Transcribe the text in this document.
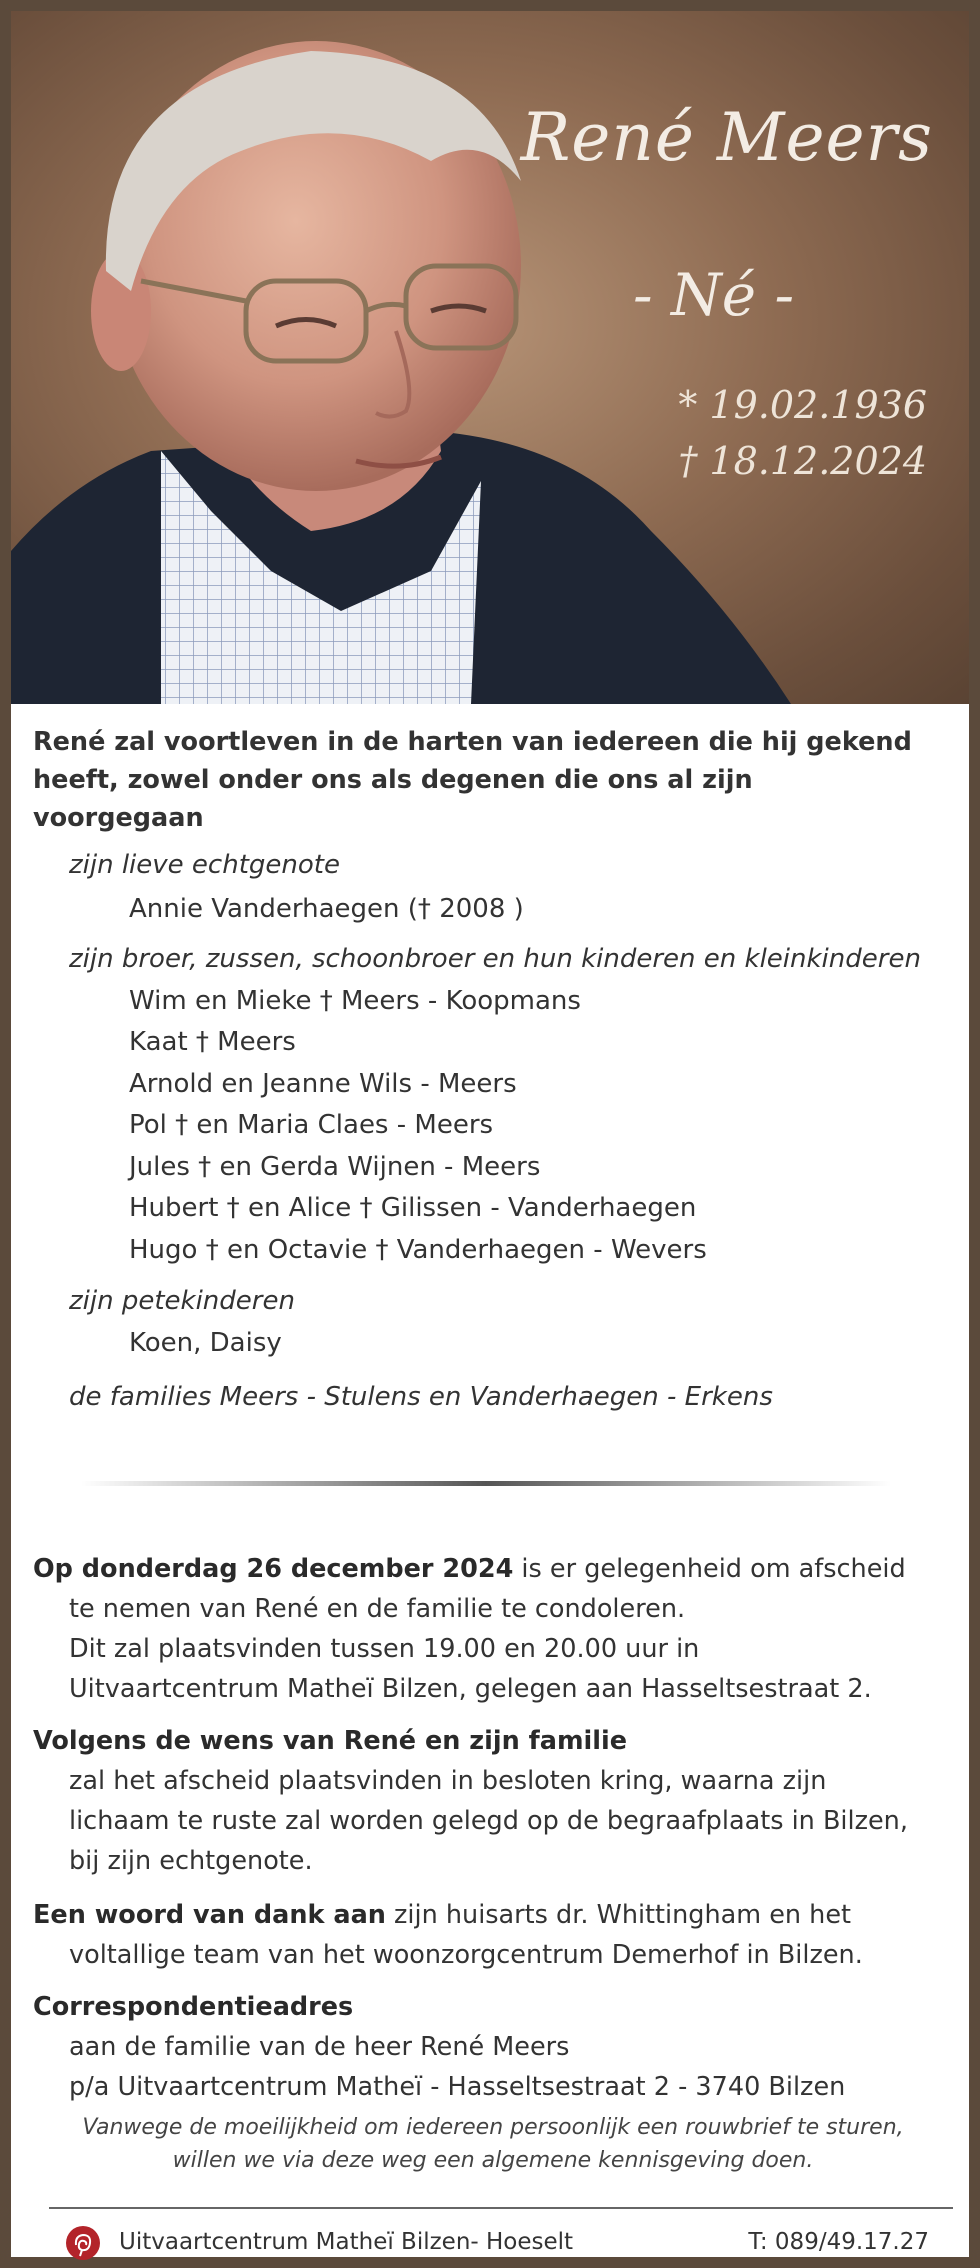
René Meers
- Né -
* 19.02.1936
† 18.12.2024
René zal voortleven in de harten van iedereen die hij gekend heeft, zowel onder ons als degenen die ons al zijn voorgegaan
zijn lieve echtgenote
Annie Vanderhaegen († 2008 )
zijn broer, zussen, schoonbroer en hun kinderen en kleinkinderen
Wim en Mieke † Meers - Koopmans
Kaat † Meers
Arnold en Jeanne Wils - Meers
Pol † en Maria Claes - Meers
Jules † en Gerda Wijnen - Meers
Hubert † en Alice † Gilissen - Vanderhaegen
Hugo † en Octavie † Vanderhaegen - Wevers
zijn petekinderen
Koen, Daisy
de families Meers - Stulens en Vanderhaegen - Erkens
Op donderdag 26 december 2024 is er gelegenheid om afscheid
te nemen van René en de familie te condoleren.
Dit zal plaatsvinden tussen 19.00 en 20.00 uur in
Uitvaartcentrum Matheï Bilzen, gelegen aan Hasseltsestraat 2.
Volgens de wens van René en zijn familie
zal het afscheid plaatsvinden in besloten kring, waarna zijn
lichaam te ruste zal worden gelegd op de begraafplaats in Bilzen,
bij zijn echtgenote.
Een woord van dank aan zijn huisarts dr. Whittingham en het
voltallige team van het woonzorgcentrum Demerhof in Bilzen.
Correspondentieadres
aan de familie van de heer René Meers
p/a Uitvaartcentrum Matheï - Hasseltsestraat 2 - 3740 Bilzen
Vanwege de moeilijkheid om iedereen persoonlijk een rouwbrief te sturen,
willen we via deze weg een algemene kennisgeving doen.
Uitvaartcentrum Matheï Bilzen- Hoeselt	T: 089/49.17.27
